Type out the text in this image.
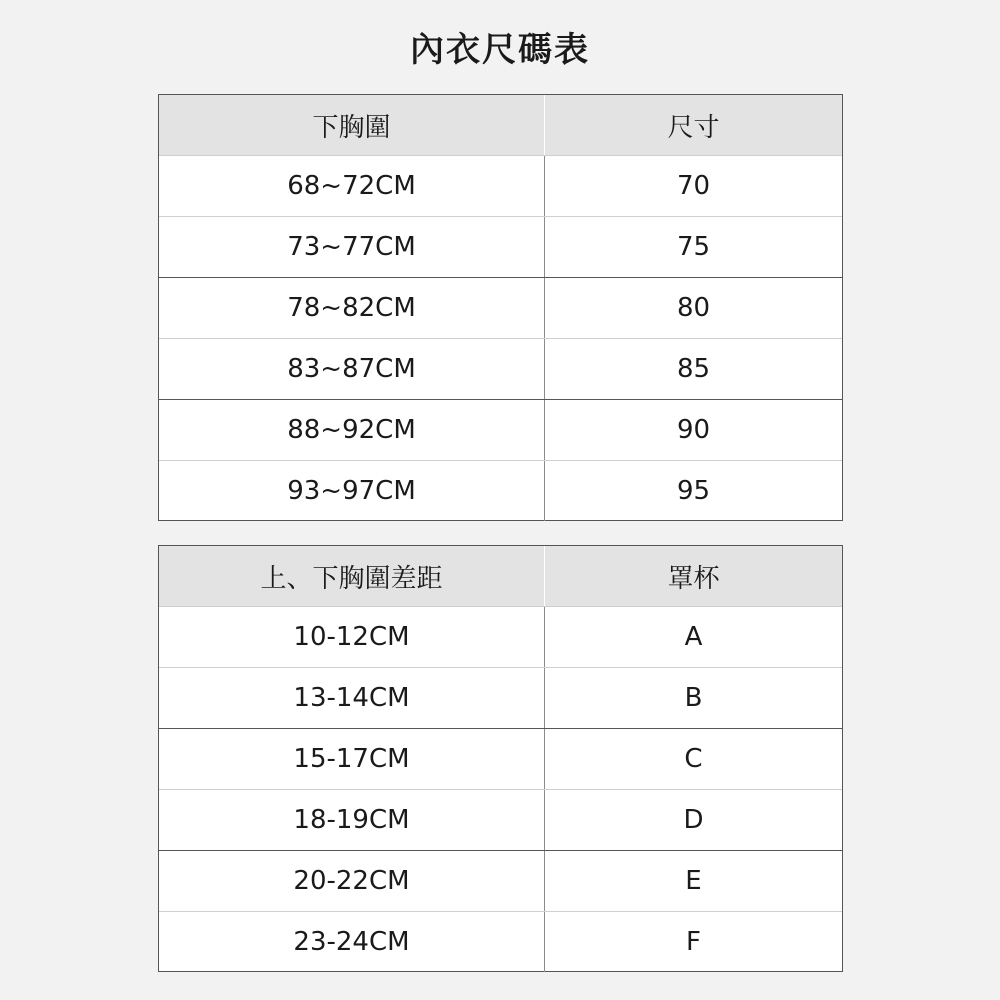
內衣尺碼表
下胸圍	尺寸
68~72CM	70
73~77CM	75
78~82CM	80
83~87CM	85
88~92CM	90
93~97CM	95
上、下胸圍差距	罩杯
10-12CM	A
13-14CM	B
15-17CM	C
18-19CM	D
20-22CM	E
23-24CM	F
